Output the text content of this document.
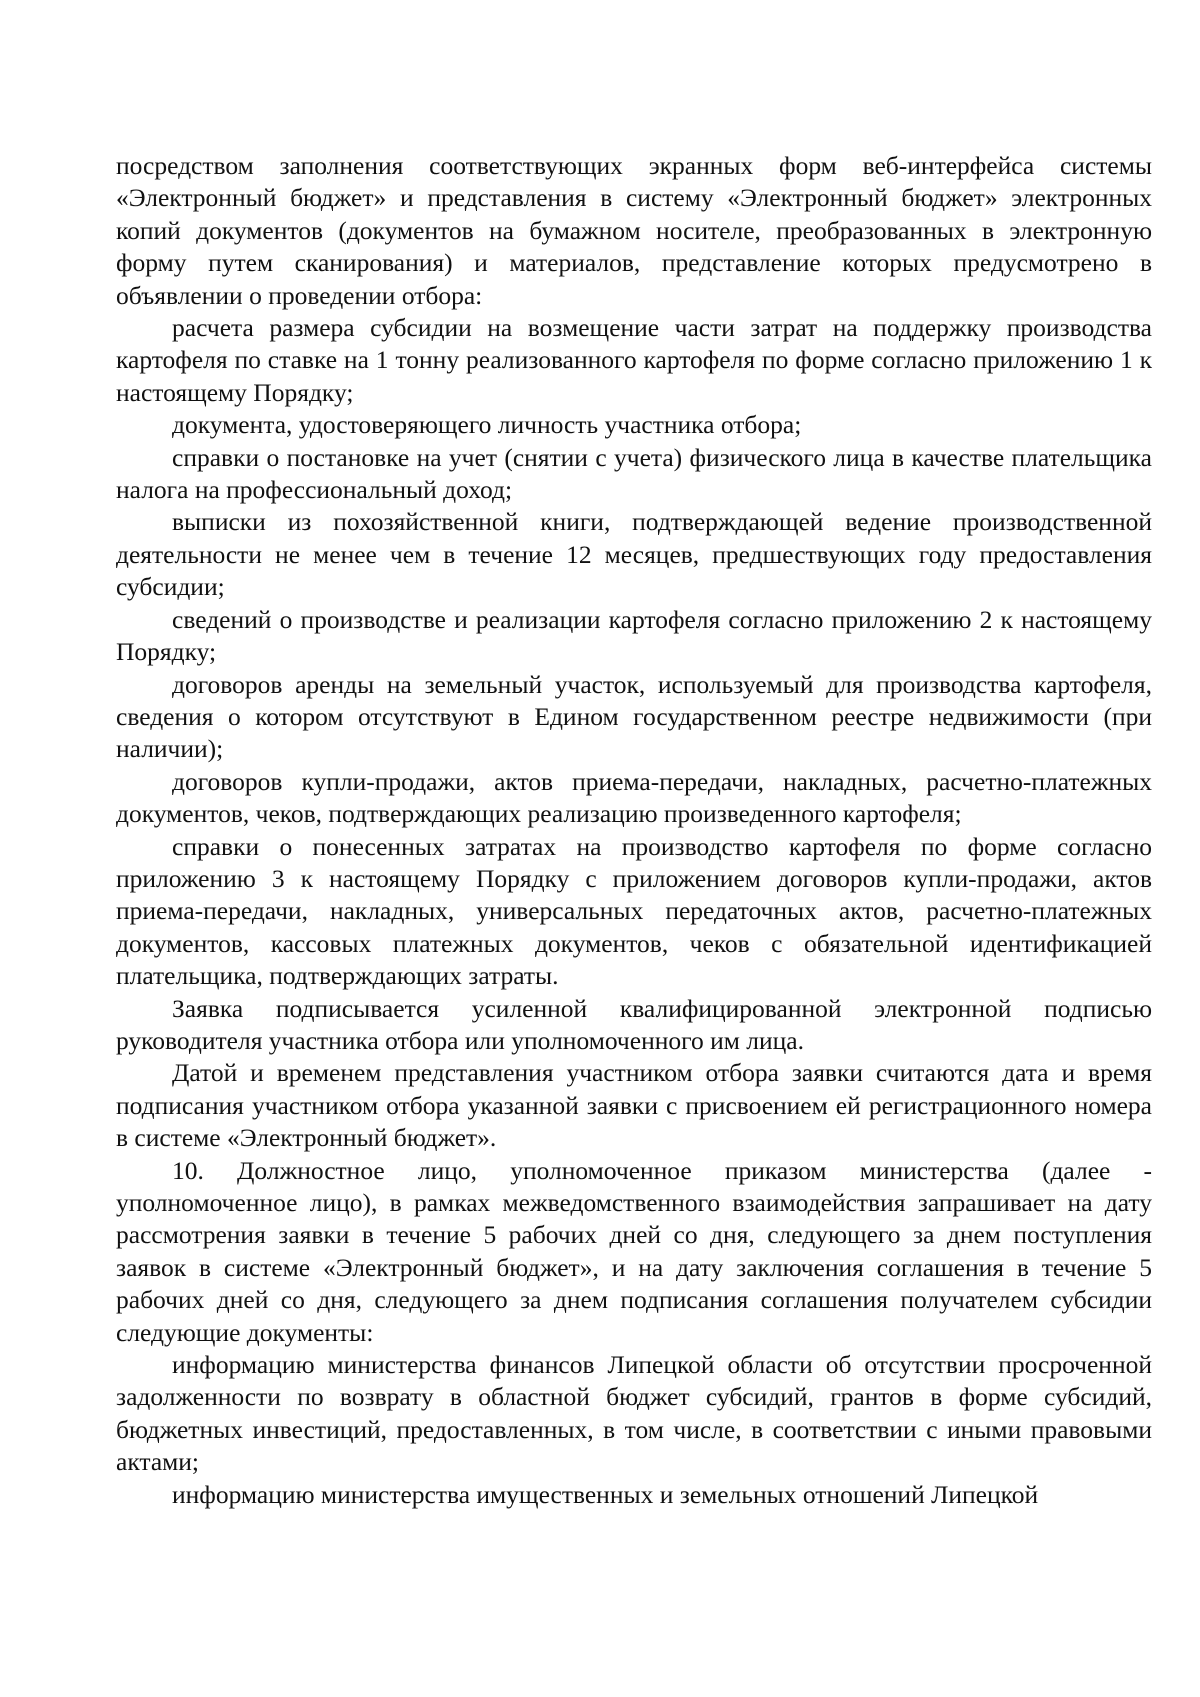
посредством заполнения соответствующих экранных форм веб-интерфейса системы «Электронный бюджет» и представления в систему «Электронный бюджет» электронных копий документов (документов на бумажном носителе, преобразованных в электронную форму путем сканирования) и материалов, представление которых предусмотрено в объявлении о проведении отбора:

расчета размера субсидии на возмещение части затрат на поддержку производства картофеля по ставке на 1 тонну реализованного картофеля по форме согласно приложению 1 к настоящему Порядку;

документа, удостоверяющего личность участника отбора;

справки о постановке на учет (снятии с учета) физического лица в качестве плательщика налога на профессиональный доход;

выписки из похозяйственной книги, подтверждающей ведение производственной деятельности не менее чем в течение 12 месяцев, предшествующих году предоставления субсидии;

сведений о производстве и реализации картофеля согласно приложению 2 к настоящему Порядку;

договоров аренды на земельный участок, используемый для производства картофеля, сведения о котором отсутствуют в Едином государственном реестре недвижимости (при наличии);

договоров купли-продажи, актов приема-передачи, накладных, расчетно-платежных документов, чеков, подтверждающих реализацию произведенного картофеля;

справки о понесенных затратах на производство картофеля по форме согласно приложению 3 к настоящему Порядку с приложением договоров купли-продажи, актов приема-передачи, накладных, универсальных передаточных актов, расчетно-платежных документов, кассовых платежных документов, чеков с обязательной идентификацией плательщика, подтверждающих затраты.

Заявка подписывается усиленной квалифицированной электронной подписью руководителя участника отбора или уполномоченного им лица.

Датой и временем представления участником отбора заявки считаются дата и время подписания участником отбора указанной заявки с присвоением ей регистрационного номера в системе «Электронный бюджет».

10. Должностное лицо, уполномоченное приказом министерства (далее - уполномоченное лицо), в рамках межведомственного взаимодействия запрашивает на дату рассмотрения заявки в течение 5 рабочих дней со дня, следующего за днем поступления заявок в системе «Электронный бюджет», и на дату заключения соглашения в течение 5 рабочих дней со дня, следующего за днем подписания соглашения получателем субсидии следующие документы:

информацию министерства финансов Липецкой области об отсутствии просроченной задолженности по возврату в областной бюджет субсидий, грантов в форме субсидий, бюджетных инвестиций, предоставленных, в том числе, в соответствии с иными правовыми актами;

информацию министерства имущественных и земельных отношений Липецкой
